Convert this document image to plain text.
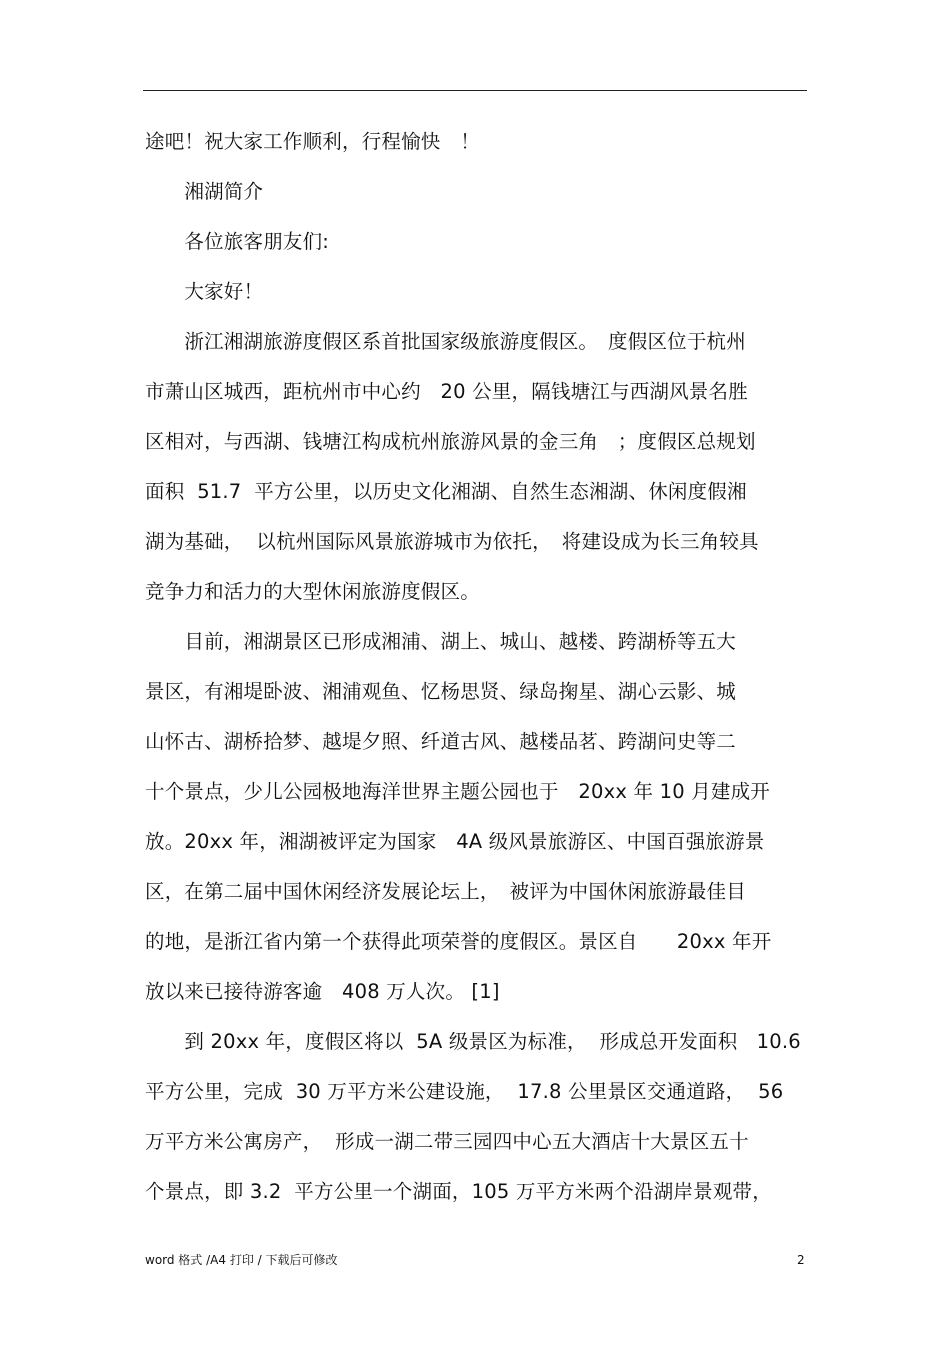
途吧！祝大家工作顺利，行程愉快　！
　　湘湖简介
　　各位旅客朋友们:
　　大家好！
　　浙江湘湖旅游度假区系首批国家级旅游度假区。　度假区位于杭州
市萧山区城西，距杭州市中心约　20 公里，隔钱塘江与西湖风景名胜
区相对，与西湖、钱塘江构成杭州旅游风景的金三角　；度假区总规划
面积  51.7  平方公里，以历史文化湘湖、自然生态湘湖、休闲度假湘
湖为基础，  以杭州国际风景旅游城市为依托，　将建设成为长三角较具
竞争力和活力的大型休闲旅游度假区。
　　目前，湘湖景区已形成湘浦、湖上、城山、越楼、跨湖桥等五大
景区，有湘堤卧波、湘浦观鱼、忆杨思贤、绿岛掬星、湖心云影、城
山怀古、湖桥拾梦、越堤夕照、纤道古风、越楼品茗、跨湖问史等二
十个景点，少儿公园极地海洋世界主题公园也于　20xx 年 10 月建成开
放。20xx 年，湘湖被评定为国家　4A 级风景旅游区、中国百强旅游景
区，在第二届中国休闲经济发展论坛上，　被评为中国休闲旅游最佳目
的地，是浙江省内第一个获得此项荣誉的度假区。景区自　　20xx 年开
放以来已接待游客逾　408 万人次。 [1]
　　到 20xx 年，度假区将以  5A 级景区为标准，  形成总开发面积   10.6
平方公里，完成  30 万平方米公建设施，  17.8 公里景区交通道路，  56
万平方米公寓房产，  形成一湖二带三园四中心五大酒店十大景区五十
个景点，即 3.2  平方公里一个湖面，105 万平方米两个沿湖岸景观带，
word 格式 /A4 打印 / 下载后可修改	2
